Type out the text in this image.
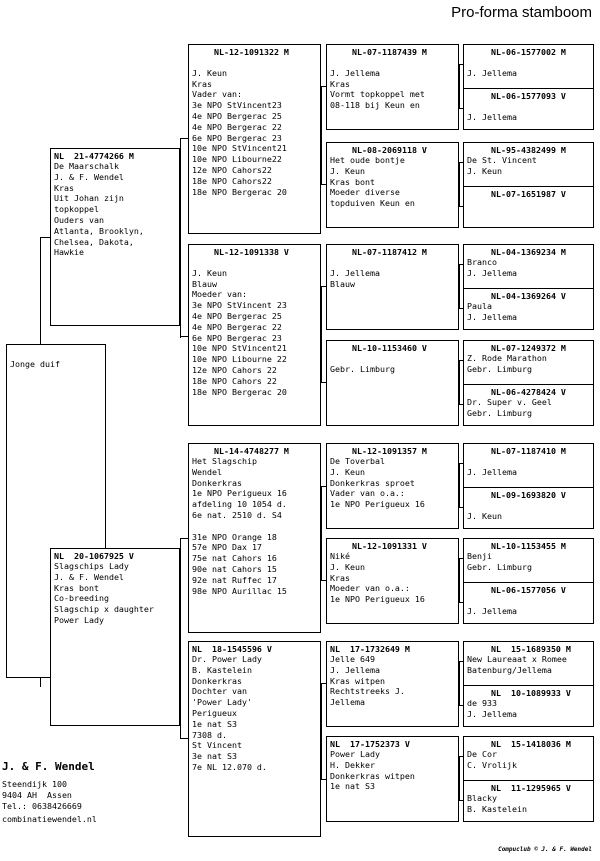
Pro-forma stamboom
Jonge duif
NL  21-4774266 M
De Maarschalk
J. & F. Wendel
Kras
Uit Johan zijn
topkoppel
Ouders van
Atlanta, Brooklyn,
Chelsea, Dakota,
Hawkie
NL  20-1067925 V
Slagschips Lady
J. & F. Wendel
Kras bont
Co-breeding
Slagschip x daughter
Power Lady
NL-12-1091322 M

J. Keun
Kras
Vader van:
3e NPO StVincent23
4e NPO Bergerac 25
4e NPO Bergerac 22
6e NPO Bergerac 23
10e NPO StVincent21
10e NPO Libourne22
12e NPO Cahors22
18e NPO Cahors22
18e NPO Bergerac 20
NL-12-1091338 V

J. Keun
Blauw
Moeder van:
3e NPO StVincent 23
4e NPO Bergerac 25
4e NPO Bergerac 22
6e NPO Bergerac 23
10e NPO StVincent21
10e NPO Libourne 22
12e NPO Cahors 22
18e NPO Cahors 22
18e NPO Bergerac 20
NL-14-4748277 M
Het Slagschip
Wendel
Donkerkras
1e NPO Perigueux 16
afdeling 10 1054 d.
6e nat. 2510 d. S4

31e NPO Orange 18
57e NPO Dax 17
75e nat Cahors 16
90e nat Cahors 15
92e nat Ruffec 17
98e NPO Aurillac 15
NL  18-1545596 V
Dr. Power Lady
B. Kastelein
Donkerkras
Dochter van
'Power Lady'
Perigueux
1e nat S3
7308 d.
St Vincent
3e nat S3
7e NL 12.070 d.
NL-07-1187439 M

J. Jellema
Kras
Vormt topkoppel met
08-118 bij Keun en
NL-08-2069118 V
Het oude bontje
J. Keun
Kras bont
Moeder diverse
topduiven Keun en
NL-07-1187412 M

J. Jellema
Blauw
NL-10-1153460 V

Gebr. Limburg
NL-12-1091357 M
De Toverbal
J. Keun
Donkerkras sproet
Vader van o.a.:
1e NPO Perigueux 16
NL-12-1091331 V
Niké
J. Keun
Kras
Moeder van o.a.:
1e NPO Perigueux 16
NL  17-1732649 M
Jelle 649
J. Jellema
Kras witpen
Rechtstreeks J.
Jellema
NL  17-1752373 V
Power Lady
H. Dekker
Donkerkras witpen
1e nat S3
NL-06-1577002 M

J. Jellema
NL-06-1577093 V

J. Jellema
NL-95-4382499 M
De St. Vincent
J. Keun
NL-07-1651987 V

NL-04-1369234 M
Branco
J. Jellema
NL-04-1369264 V
Paula
J. Jellema
NL-07-1249372 M
Z. Rode Marathon
Gebr. Limburg
NL-06-4278424 V
Dr. Super v. Geel
Gebr. Limburg
NL-07-1187410 M

J. Jellema
NL-09-1693820 V

J. Keun
NL-10-1153455 M
Benji
Gebr. Limburg
NL-06-1577056 V

J. Jellema
NL  15-1689350 M
New Laureaat x Romee
Batenburg/Jellema
NL  10-1089933 V
de 933
J. Jellema
NL  15-1418036 M
De Cor
C. Vrolijk
NL  11-1295965 V
Blacky
B. Kastelein
J. & F. Wendel
Steendijk 100
9404 AH  Assen
Tel.: 0638426669
combinatiewendel.nl
Compuclub © J. & F. Wendel
